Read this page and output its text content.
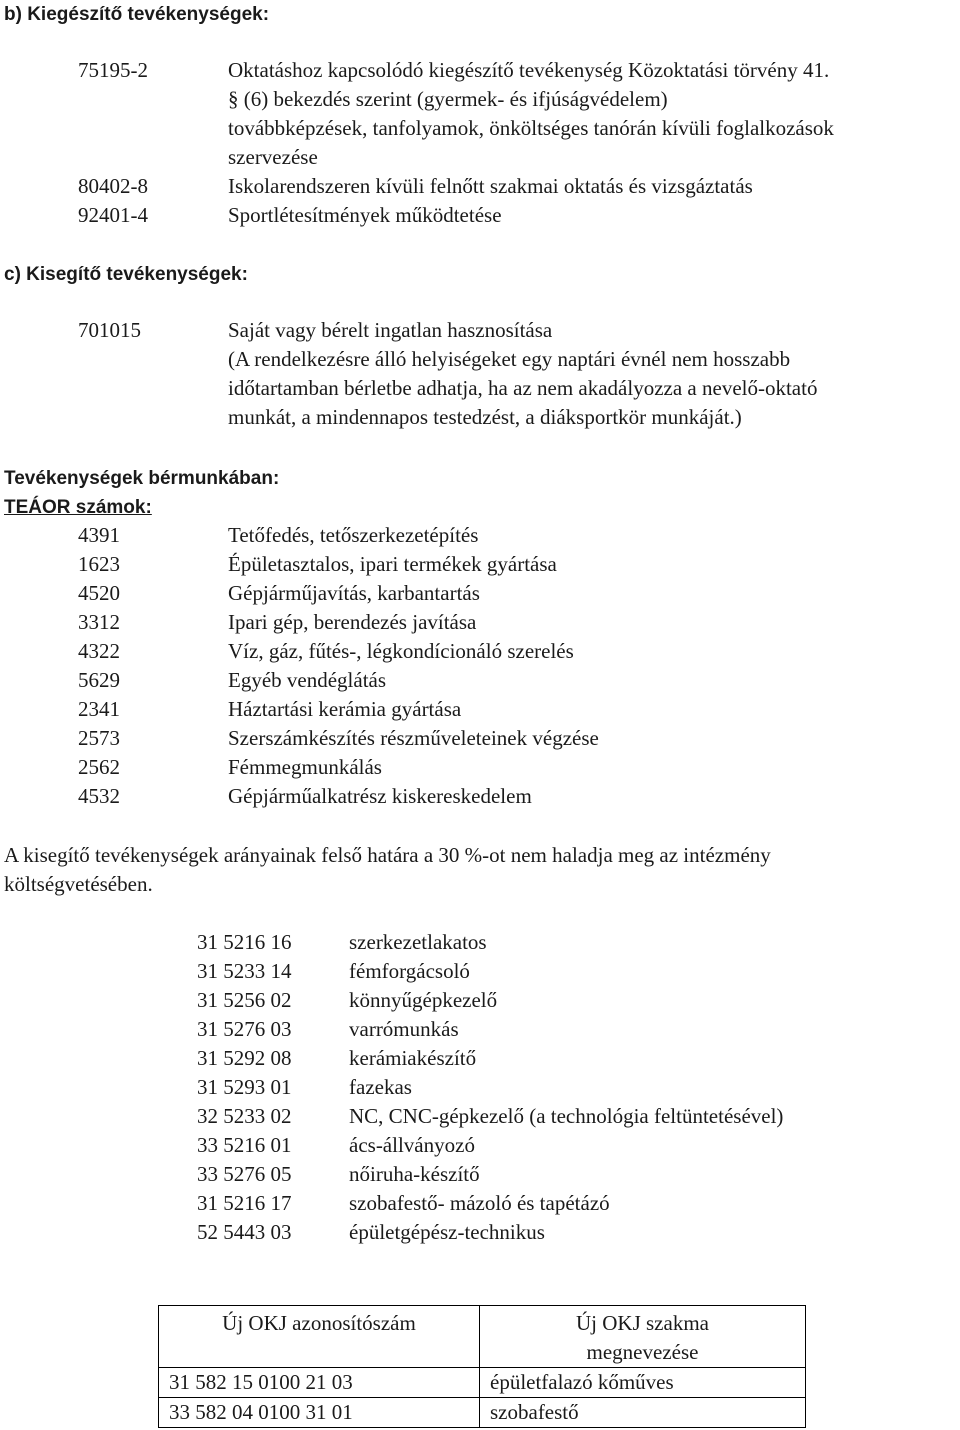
b) Kiegészítő tevékenységek:
75195-2	Oktatáshoz kapcsolódó kiegészítő tevékenység Közoktatási törvény 41.
§ (6) bekezdés szerint (gyermek- és ifjúságvédelem)
továbbképzések, tanfolyamok, önköltséges tanórán kívüli foglalkozások
szervezése
80402-8	Iskolarendszeren kívüli felnőtt szakmai oktatás és vizsgáztatás
92401-4	Sportlétesítmények működtetése
c) Kisegítő tevékenységek:
701015	Saját vagy bérelt ingatlan hasznosítása
(A rendelkezésre álló helyiségeket egy naptári évnél nem hosszabb
időtartamban bérletbe adhatja, ha az nem akadályozza a nevelő-oktató
munkát, a mindennapos testedzést, a diáksportkör munkáját.)
Tevékenységek bérmunkában:
TEÁOR számok:
4391	Tetőfedés, tetőszerkezetépítés
1623	Épületasztalos, ipari termékek gyártása
4520	Gépjárműjavítás, karbantartás
3312	Ipari gép, berendezés javítása
4322	Víz, gáz, fűtés-, légkondícionáló szerelés
5629	Egyéb vendéglátás
2341	Háztartási kerámia gyártása
2573	Szerszámkészítés részműveleteinek végzése
2562	Fémmegmunkálás
4532	Gépjárműalkatrész kiskereskedelem
A kisegítő tevékenységek arányainak felső határa a 30 %-ot nem haladja meg az intézmény
költségvetésében.
31 5216 16	szerkezetlakatos
31 5233 14	fémforgácsoló
31 5256 02	könnyűgépkezelő
31 5276 03	varrómunkás
31 5292 08	kerámiakészítő
31 5293 01	fazekas
32 5233 02	NC, CNC-gépkezelő (a technológia feltüntetésével)
33 5216 01	ács-állványozó
33 5276 05	nőiruha-készítő
31 5216 17	szobafestő- mázoló és tapétázó
52 5443 03	épületgépész-technikus
Új OKJ azonosítószám	Új OKJ szakma
megnevezése

31 582 15 0100 21 03	épületfalazó kőműves
33 582 04 0100 31 01	szobafestő
